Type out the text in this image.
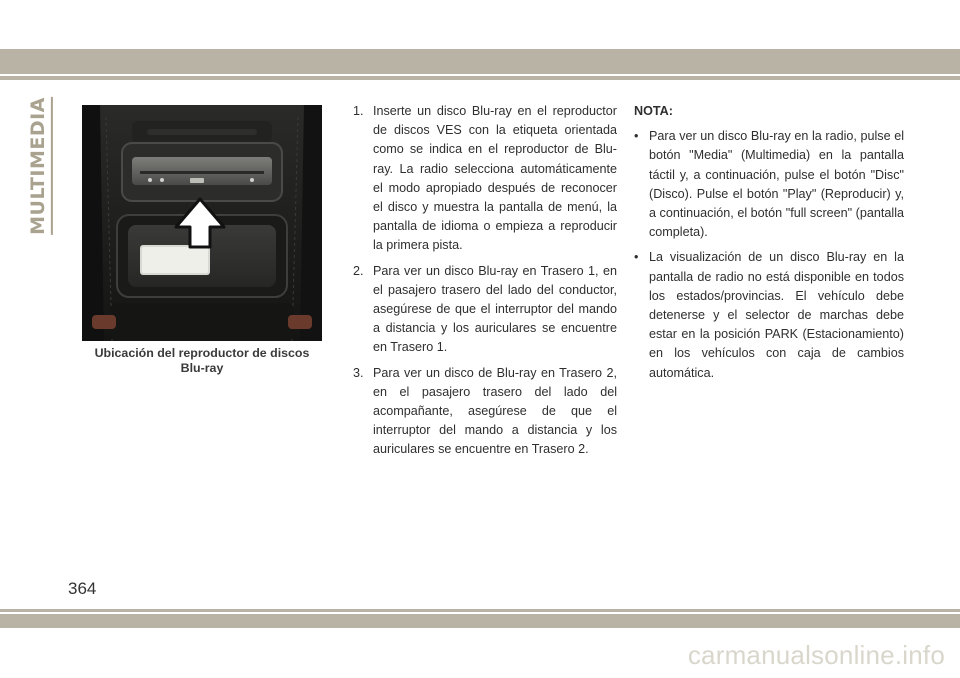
MULTIMEDIA
Ubicación del reproductor de discos
Blu-ray
1. Inserte un disco Blu-ray en el reproductor de discos VES con la etiqueta orientada como se indica en el reproductor de Blu-ray. La radio selecciona automáticamente el modo apropiado después de reconocer el disco y muestra la pantalla de menú, la pantalla de idioma o empieza a reproducir la primera pista.
2. Para ver un disco Blu-ray en Trasero 1, en el pasajero trasero del lado del conductor, asegúrese de que el interruptor del mando a distancia y los auriculares se encuentre en Trasero 1.
3. Para ver un disco de Blu-ray en Trasero 2, en el pasajero trasero del lado del acompañante, asegúrese de que el interruptor del mando a distancia y los auriculares se encuentre en Trasero 2.
NOTA:
• Para ver un disco Blu-ray en la radio, pulse el botón "Media" (Multimedia) en la pantalla táctil y, a continuación, pulse el botón "Disc" (Disco). Pulse el botón "Play" (Reproducir) y, a continuación, el botón "full screen" (pantalla completa).
• La visualización de un disco Blu-ray en la pantalla de radio no está disponible en todos los estados/provincias. El vehículo debe detenerse y el selector de marchas debe estar en la posición PARK (Estacionamiento) en los vehículos con caja de cambios automática.
364
carmanualsonline.info
